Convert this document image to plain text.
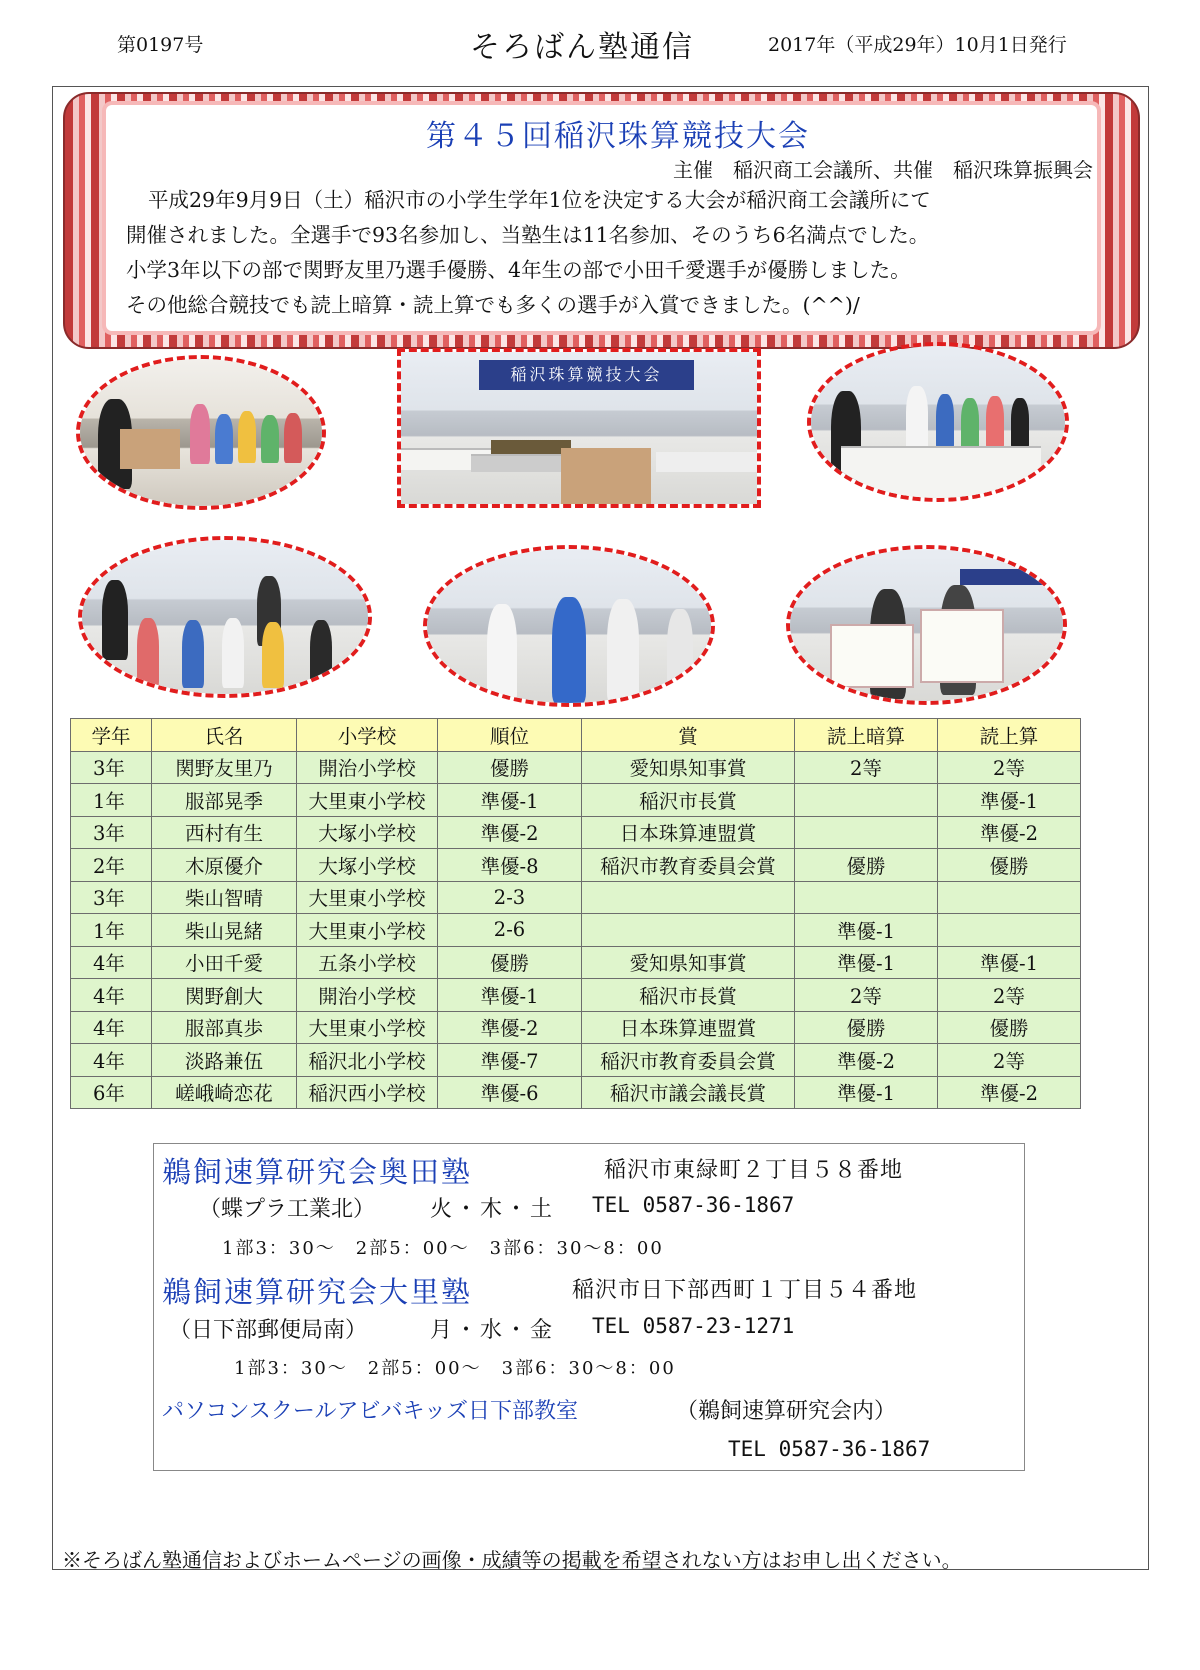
第0197号	そろばん塾通信	2017年（平成29年）10月1日発行
第４５回稲沢珠算競技大会
主催　稲沢商工会議所、共催　稲沢珠算振興会

平成29年9月9日（土）稲沢市の小学生学年1位を決定する大会が稲沢商工会議所にて

開催されました。全選手で93名参加し、当塾生は11名参加、そのうち6名満点でした。

小学3年以下の部で関野友里乃選手優勝、4年生の部で小田千愛選手が優勝しました。

その他総合競技でも読上暗算・読上算でも多くの選手が入賞できました。(^^)/

稲沢珠算競技大会
学年	氏名	小学校	順位	賞	読上暗算	読上算
3年	関野友里乃	開治小学校	優勝	愛知県知事賞	2等	2等
1年	服部晃季	大里東小学校	準優-1	稲沢市長賞		準優-1
3年	西村有生	大塚小学校	準優-2	日本珠算連盟賞		準優-2
2年	木原優介	大塚小学校	準優-8	稲沢市教育委員会賞	優勝	優勝
3年	柴山智晴	大里東小学校	2-3			
1年	柴山晃緒	大里東小学校	2-6		準優-1	
4年	小田千愛	五条小学校	優勝	愛知県知事賞	準優-1	準優-1
4年	関野創大	開治小学校	準優-1	稲沢市長賞	2等	2等
4年	服部真歩	大里東小学校	準優-2	日本珠算連盟賞	優勝	優勝
4年	淡路兼伍	稲沢北小学校	準優-7	稲沢市教育委員会賞	準優-2	2等
6年	嵯峨崎恋花	稲沢西小学校	準優-6	稲沢市議会議長賞	準優-1	準優-2
鵜飼速算研究会奥田塾	稲沢市東緑町２丁目５８番地
（蝶プラ工業北） 火・木・土 TEL 0587-36-1867
1部3：30～　2部5：00～　3部6：30～8：00
鵜飼速算研究会大里塾	稲沢市日下部西町１丁目５４番地
（日下部郵便局南）	月・水・金 TEL 0587-23-1271
1部3：30～　2部5：00～　3部6：30～8：00
パソコンスクールアビバキッズ日下部教室	（鵜飼速算研究会内）
TEL 0587-36-1867
※そろばん塾通信およびホームページの画像・成績等の掲載を希望されない方はお申し出ください。
